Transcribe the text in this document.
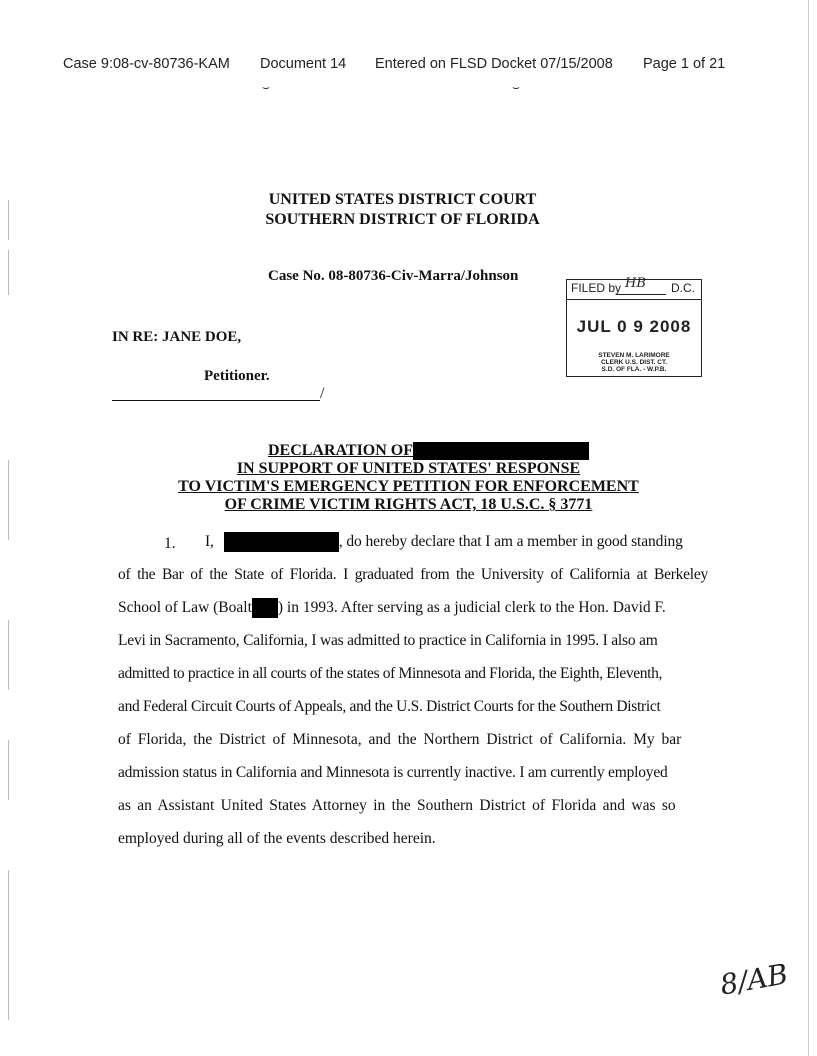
Case 9:08-cv-80736-KAM Document 14 Entered on FLSD Docket 07/15/2008 Page 1 of 21
⌣	⌣
UNITED STATES DISTRICT COURT
SOUTHERN DISTRICT OF FLORIDA
Case No. 08-80736-Civ-Marra/Johnson
FILED by HB D.C.
JUL 0 9 2008
STEVEN M. LARIMORE
CLERK U.S. DIST. CT.
S.D. OF FLA. - W.P.B.
IN RE: JANE DOE,
Petitioner.
/
DECLARATION OF
IN SUPPORT OF UNITED STATES' RESPONSE
TO VICTIM'S EMERGENCY PETITION FOR ENFORCEMENT
OF CRIME VICTIM RIGHTS ACT, 18 U.S.C. § 3771
1.	I,	, do hereby declare that I am a member in good standing

of the Bar of the State of Florida. I graduated from the University of California at Berkeley

School of Law (Boalt ) in 1993. After serving as a judicial clerk to the Hon. David F.

Levi in Sacramento, California, I was admitted to practice in California in 1995. I also am

admitted to practice in all courts of the states of Minnesota and Florida, the Eighth, Eleventh,

and Federal Circuit Courts of Appeals, and the U.S. District Courts for the Southern District

of Florida, the District of Minnesota, and the Northern District of California. My bar

admission status in California and Minnesota is currently inactive. I am currently employed

as an Assistant United States Attorney in the Southern District of Florida and was so

employed during all of the events described herein.

8/AB
